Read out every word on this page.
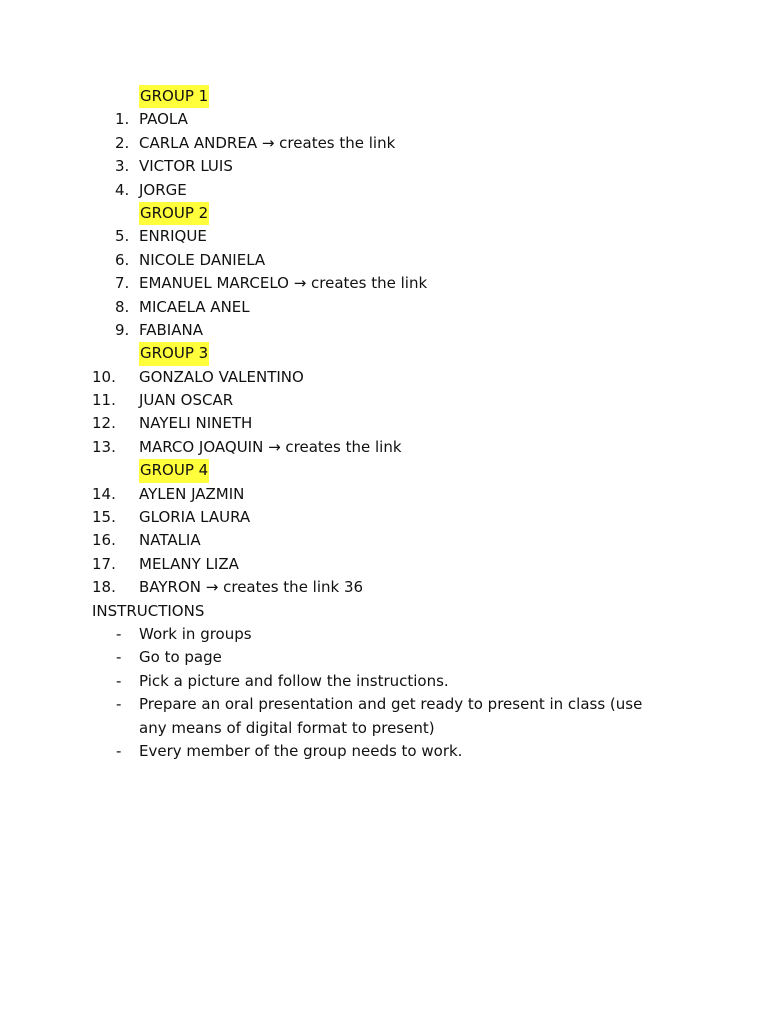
GROUP 1
1. PAOLA
2. CARLA ANDREA → creates the link
3. VICTOR LUIS
4. JORGE
GROUP 2
5. ENRIQUE
6. NICOLE DANIELA
7. EMANUEL MARCELO → creates the link
8. MICAELA ANEL
9. FABIANA
GROUP 3
10.	GONZALO VALENTINO
11.	JUAN OSCAR
12.	NAYELI NINETH
13.	MARCO JOAQUIN → creates the link
GROUP 4
14.	AYLEN JAZMIN
15.	GLORIA LAURA
16.	NATALIA
17.	MELANY LIZA
18.	BAYRON → creates the link 36
INSTRUCTIONS
- Work in groups
- Go to page
- Pick a picture and follow the instructions.
- Prepare an oral presentation and get ready to present in class (use any means of digital format to present)
- Every member of the group needs to work.
